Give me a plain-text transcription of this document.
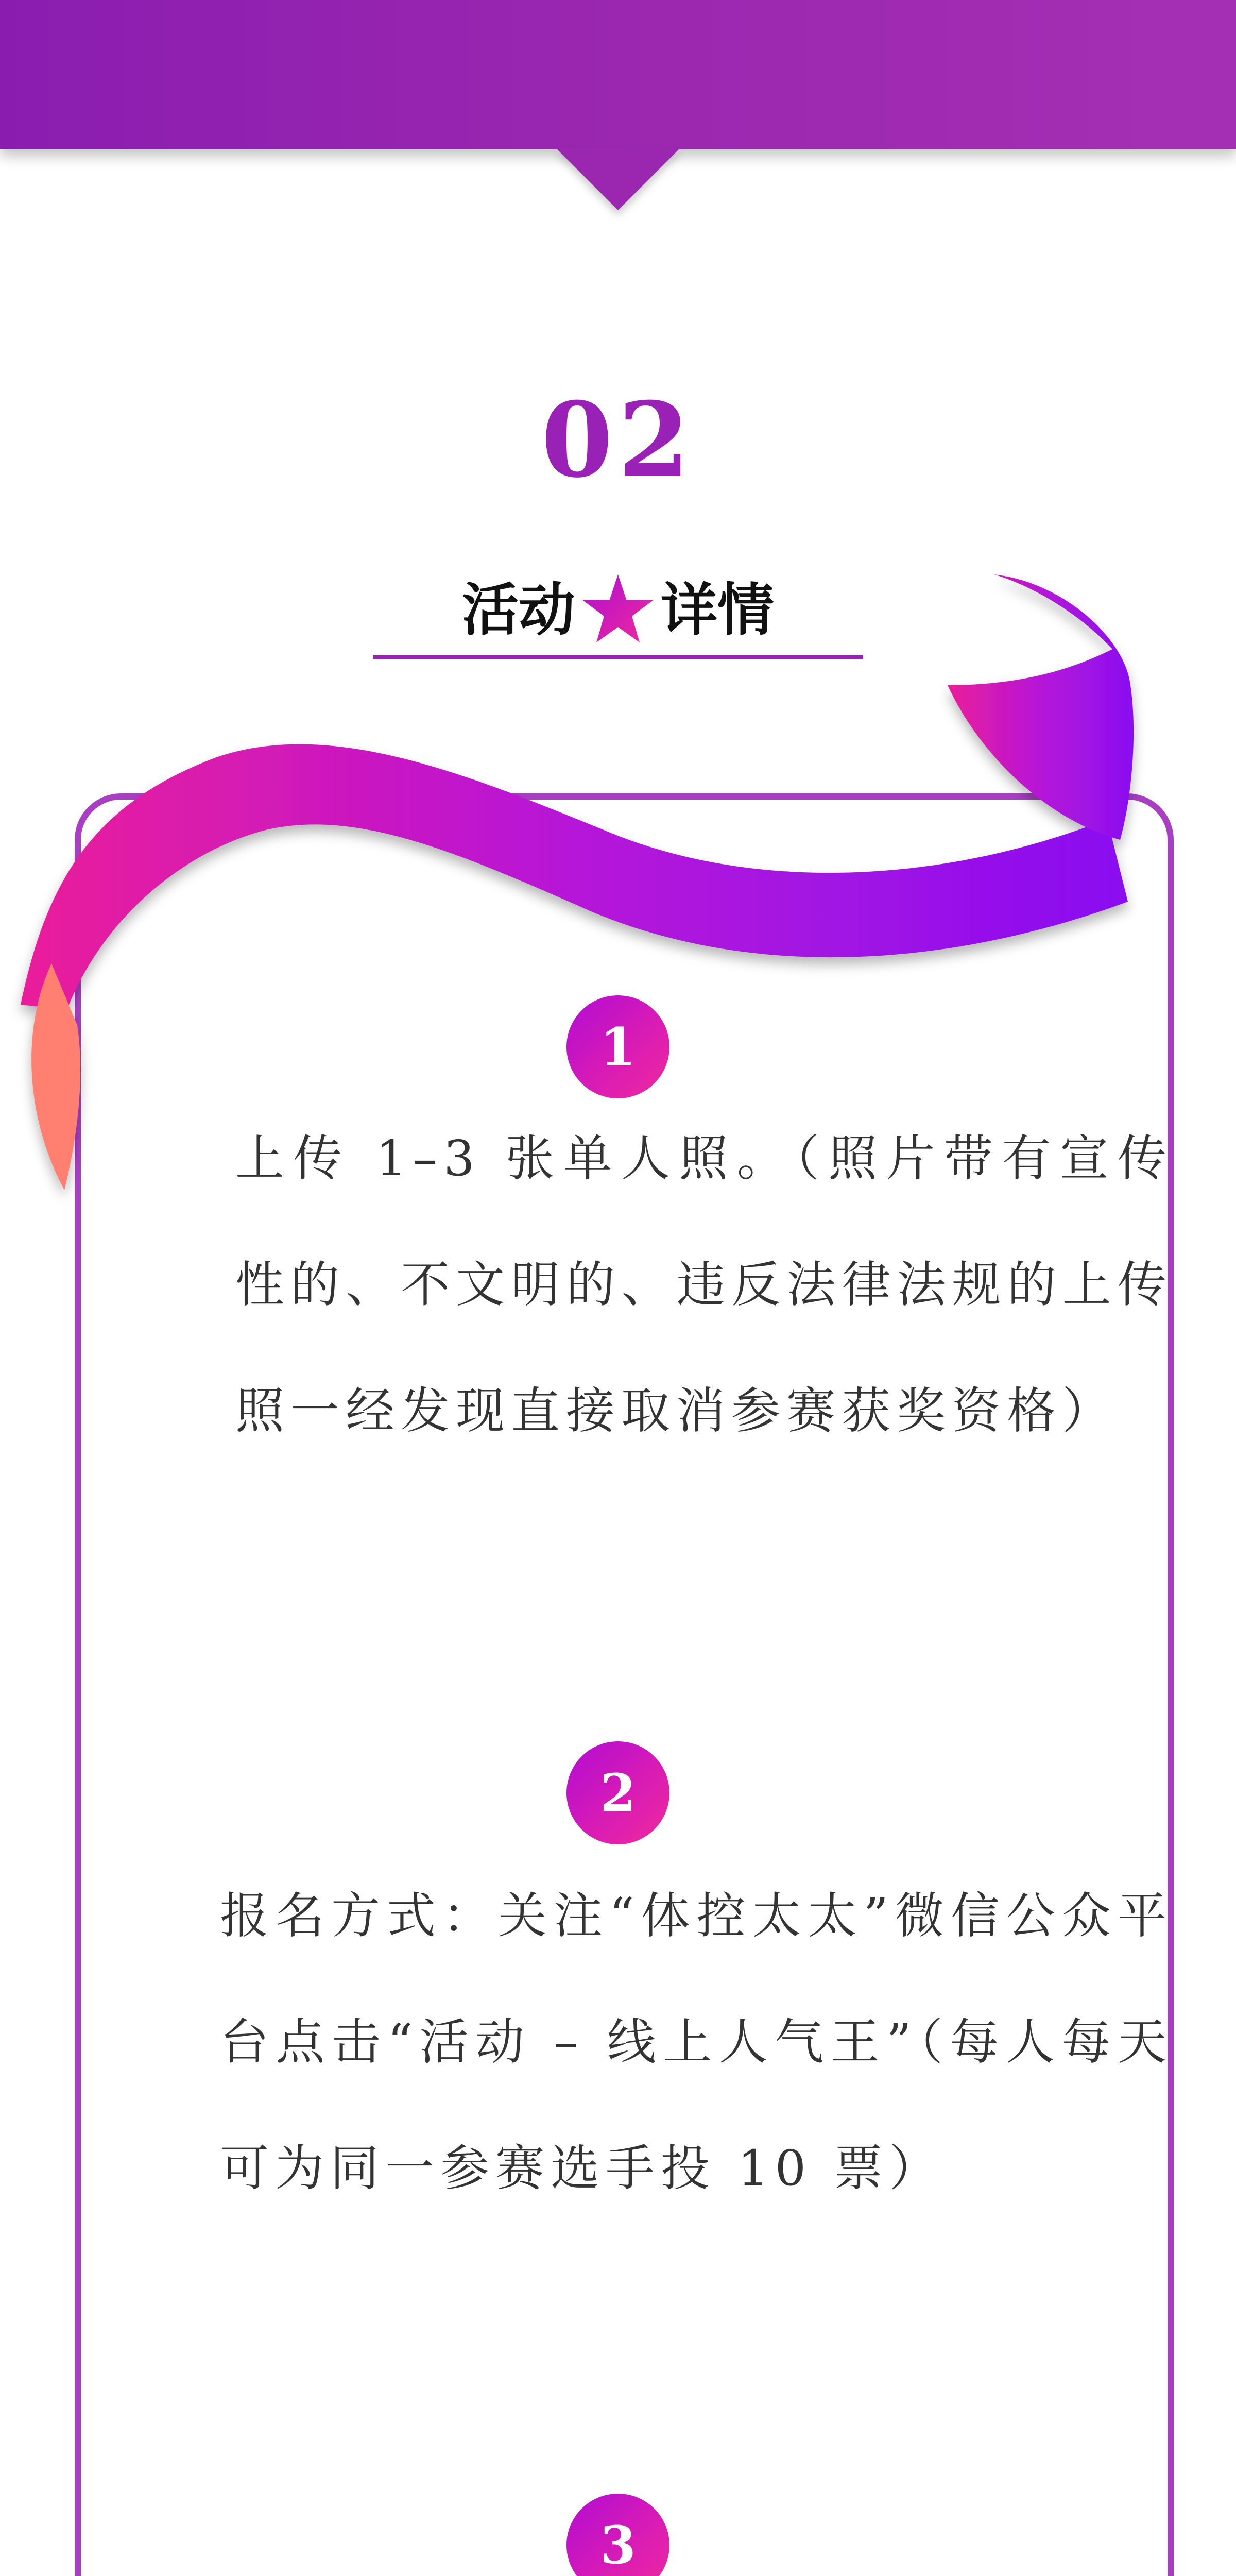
02
活动 详情
1

上传 1–3 张单人照。（照片带有宣传性的、不文明的、违反法律法规的上传照一经发现直接取消参赛获奖资格）

2

报名方式：关注“体控太太”微信公众平台点击“活动 – 线上人气王”（每人每天可为同一参赛选手投 10 票）

3
